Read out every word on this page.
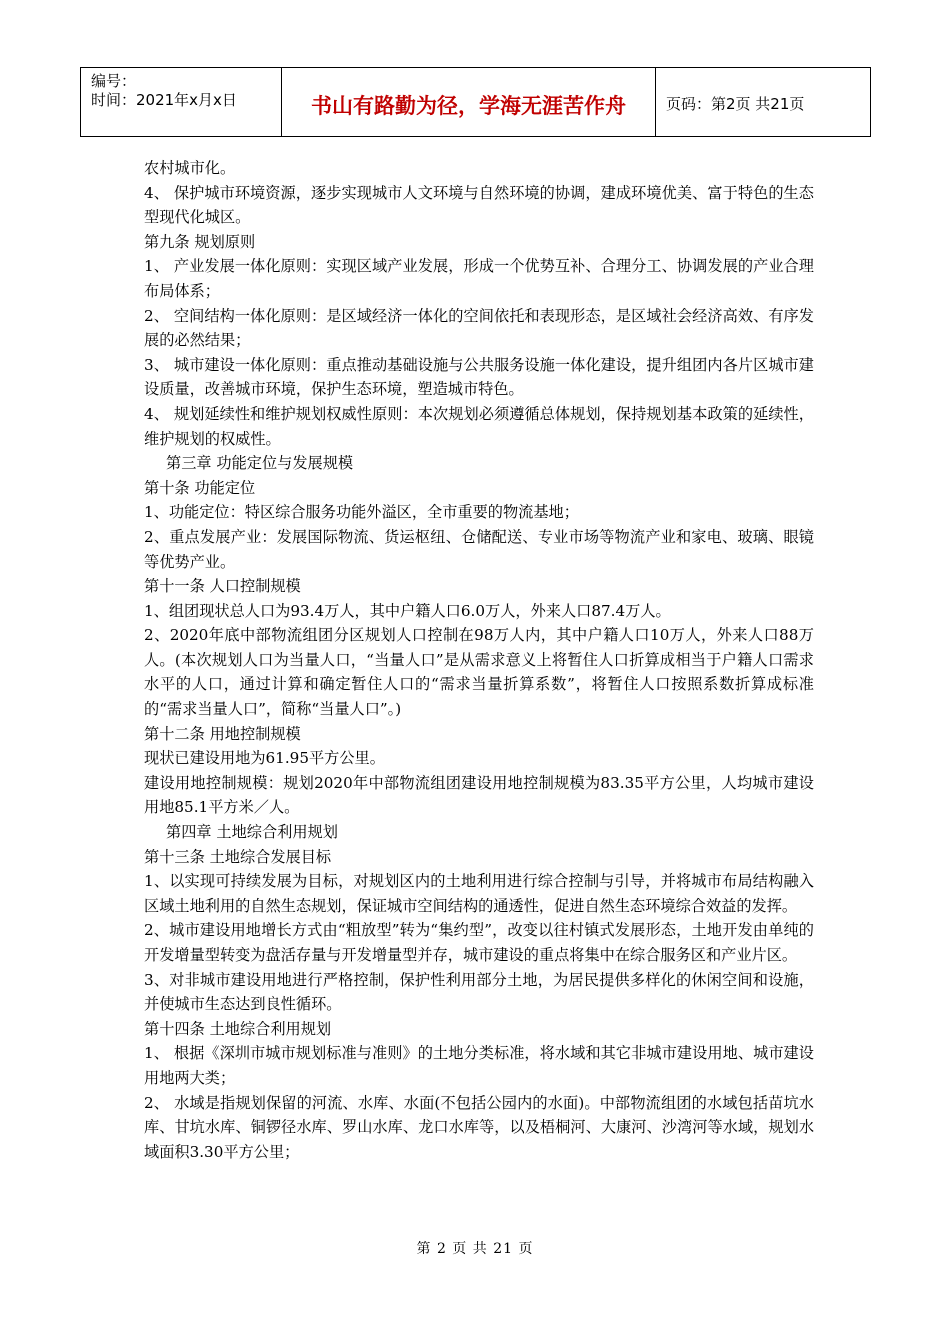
编号：
时间：2021年x月x日	书山有路勤为径，学海无涯苦作舟	页码：第2页 共21页

农村城市化。

4、 保护城市环境资源，逐步实现城市人文环境与自然环境的协调，建成环境优美、富于特色的生态型现代化城区。

第九条 规划原则

1、 产业发展一体化原则：实现区域产业发展，形成一个优势互补、合理分工、协调发展的产业合理布局体系；

2、 空间结构一体化原则：是区域经济一体化的空间依托和表现形态，是区域社会经济高效、有序发展的必然结果；

3、 城市建设一体化原则：重点推动基础设施与公共服务设施一体化建设，提升组团内各片区城市建设质量，改善城市环境，保护生态环境，塑造城市特色。

4、 规划延续性和维护规划权威性原则：本次规划必须遵循总体规划，保持规划基本政策的延续性，维护规划的权威性。

第三章 功能定位与发展规模

第十条 功能定位

1、功能定位：特区综合服务功能外溢区，全市重要的物流基地；

2、重点发展产业：发展国际物流、货运枢纽、仓储配送、专业市场等物流产业和家电、玻璃、眼镜等优势产业。

第十一条 人口控制规模

1、组团现状总人口为93.4万人，其中户籍人口6.0万人，外来人口87.4万人。

2、2020年底中部物流组团分区规划人口控制在98万人内，其中户籍人口10万人，外来人口88万人。(本次规划人口为当量人口，“当量人口”是从需求意义上将暂住人口折算成相当于户籍人口需求水平的人口，通过计算和确定暂住人口的“需求当量折算系数”，将暂住人口按照系数折算成标准的“需求当量人口”，简称“当量人口”。)

第十二条 用地控制规模

现状已建设用地为61.95平方公里。

建设用地控制规模：规划2020年中部物流组团建设用地控制规模为83.35平方公里，人均城市建设用地85.1平方米／人。

第四章 土地综合利用规划

第十三条 土地综合发展目标

1、以实现可持续发展为目标，对规划区内的土地利用进行综合控制与引导，并将城市布局结构融入区域土地利用的自然生态规划，保证城市空间结构的通透性，促进自然生态环境综合效益的发挥。

2、城市建设用地增长方式由“粗放型”转为“集约型”，改变以往村镇式发展形态，土地开发由单纯的开发增量型转变为盘活存量与开发增量型并存，城市建设的重点将集中在综合服务区和产业片区。

3、对非城市建设用地进行严格控制，保护性利用部分土地，为居民提供多样化的休闲空间和设施，并使城市生态达到良性循环。

第十四条 土地综合利用规划

1、 根据《深圳市城市规划标准与准则》的土地分类标准，将水域和其它非城市建设用地、城市建设用地两大类；

2、 水域是指规划保留的河流、水库、水面(不包括公园内的水面)。中部物流组团的水域包括苗坑水库、甘坑水库、铜锣径水库、罗山水库、龙口水库等，以及梧桐河、大康河、沙湾河等水域，规划水域面积3.30平方公里；

第 2 页 共 21 页
